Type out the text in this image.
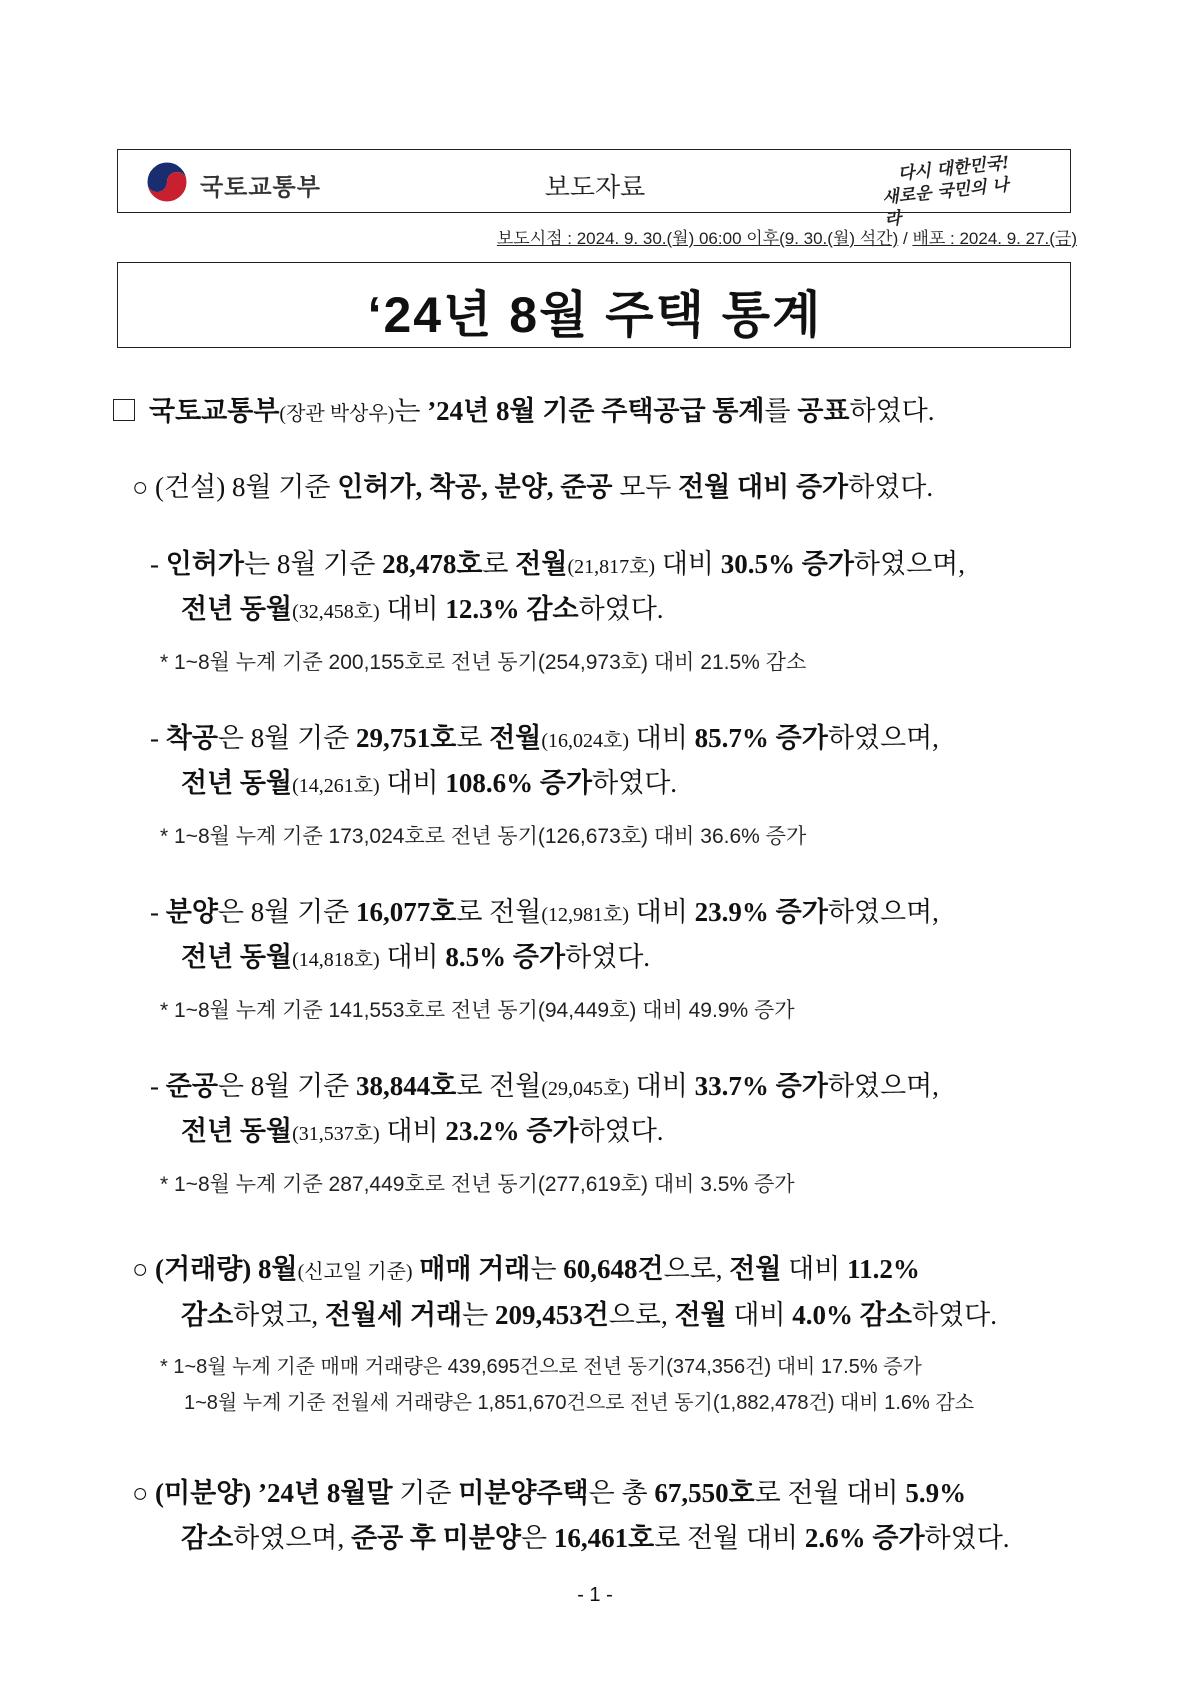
국토교통부	보도자료
다시 대한민국!
새로운 국민의 나라
보도시점 : 2024. 9. 30.(월) 06:00 이후(9. 30.(월) 석간) / 배포 : 2024. 9. 27.(금)
‘24년 8월 주택 통계
국토교통부(장관 박상우)는 ’24년 8월 기준 주택공급 통계를 공표하였다.
○ (건설) 8월 기준 인허가, 착공, 분양, 준공 모두 전월 대비 증가하였다.
- 인허가는 8월 기준 28,478호로 전월(21,817호) 대비 30.5% 증가하였으며,
전년 동월(32,458호) 대비 12.3% 감소하였다.
* 1~8월 누계 기준 200,155호로 전년 동기(254,973호) 대비 21.5% 감소
- 착공은 8월 기준 29,751호로 전월(16,024호) 대비 85.7% 증가하였으며,
전년 동월(14,261호) 대비 108.6% 증가하였다.
* 1~8월 누계 기준 173,024호로 전년 동기(126,673호) 대비 36.6% 증가
- 분양은 8월 기준 16,077호로 전월(12,981호) 대비 23.9% 증가하였으며,
전년 동월(14,818호) 대비 8.5% 증가하였다.
* 1~8월 누계 기준 141,553호로 전년 동기(94,449호) 대비 49.9% 증가
- 준공은 8월 기준 38,844호로 전월(29,045호) 대비 33.7% 증가하였으며,
전년 동월(31,537호) 대비 23.2% 증가하였다.
* 1~8월 누계 기준 287,449호로 전년 동기(277,619호) 대비 3.5% 증가
○ (거래량) 8월(신고일 기준) 매매 거래는 60,648건으로, 전월 대비 11.2%
감소하였고, 전월세 거래는 209,453건으로, 전월 대비 4.0% 감소하였다.
* 1~8월 누계 기준 매매 거래량은 439,695건으로 전년 동기(374,356건) 대비 17.5% 증가
1~8월 누계 기준 전월세 거래량은 1,851,670건으로 전년 동기(1,882,478건) 대비 1.6% 감소
○ (미분양) ’24년 8월말 기준 미분양주택은 총 67,550호로 전월 대비 5.9%
감소하였으며, 준공 후 미분양은 16,461호로 전월 대비 2.6% 증가하였다.
- 1 -
